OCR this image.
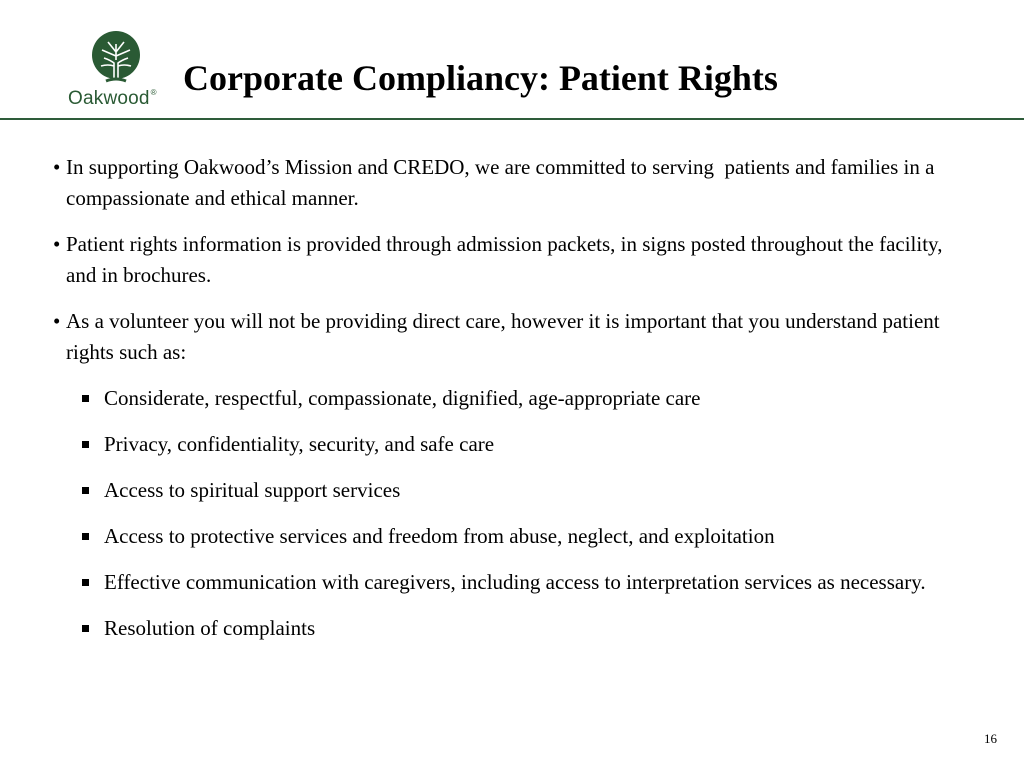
Oakwood® Corporate Compliancy: Patient Rights
• In supporting Oakwood’s Mission and CREDO, we are committed to serving  patients and families in a compassionate and ethical manner.
• Patient rights information is provided through admission packets, in signs posted throughout the facility, and in brochures.
• As a volunteer you will not be providing direct care, however it is important that you understand patient rights such as:
Considerate, respectful, compassionate, dignified, age-appropriate care
Privacy, confidentiality, security, and safe care
Access to spiritual support services
Access to protective services and freedom from abuse, neglect, and exploitation
Effective communication with caregivers, including access to interpretation services as necessary.
Resolution of complaints
16
